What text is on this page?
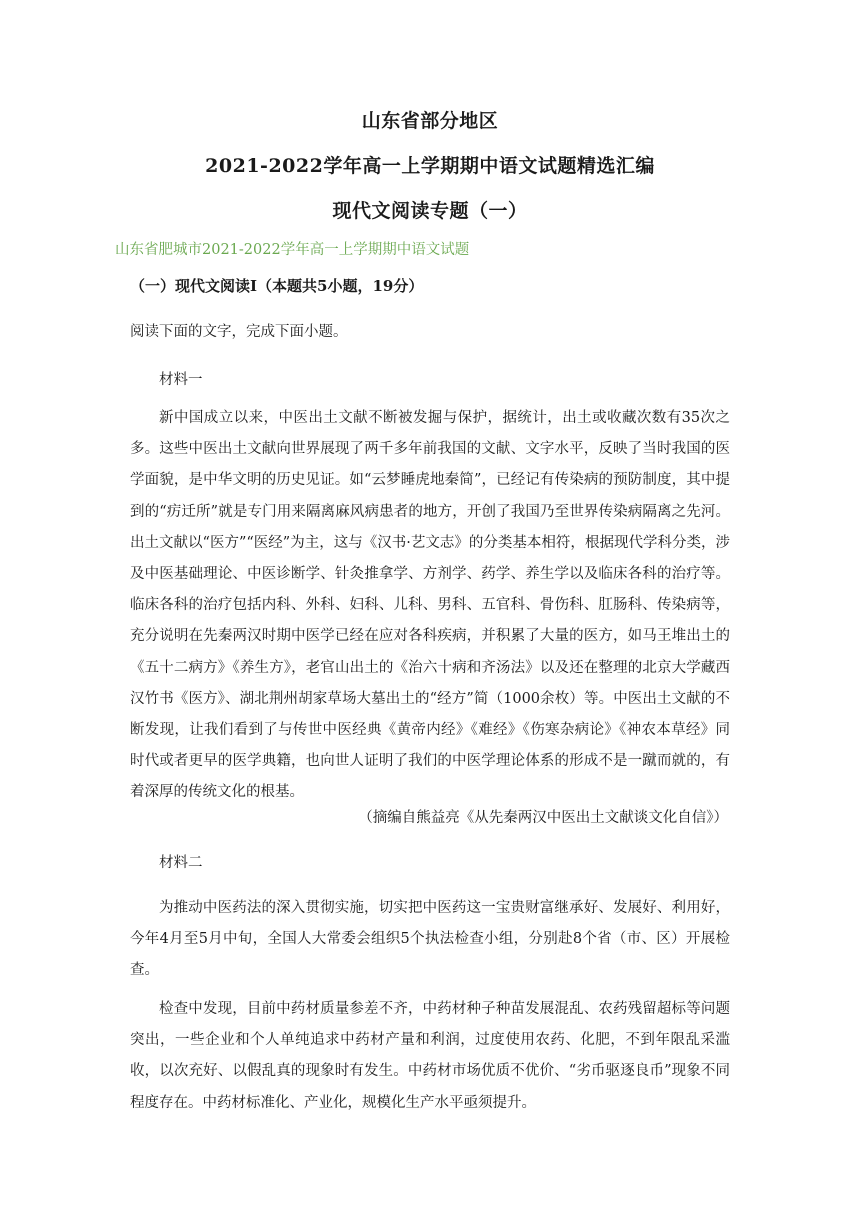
山东省部分地区
2021-2022学年高一上学期期中语文试题精选汇编
现代文阅读专题（一）
山东省肥城市2021-2022学年高一上学期期中语文试题
（一）现代文阅读Ⅰ（本题共5小题，19分）
阅读下面的文字，完成下面小题。
材料一

新中国成立以来，中医出土文献不断被发掘与保护，据统计，出土或收藏次数有35次之多。这些中医出土文献向世界展现了两千多年前我国的文献、文字水平，反映了当时我国的医学面貌，是中华文明的历史见证。如“云梦睡虎地秦简”，已经记有传染病的预防制度，其中提到的“疠迁所”就是专门用来隔离麻风病患者的地方，开创了我国乃至世界传染病隔离之先河。出土文献以“医方”“医经”为主，这与《汉书·艺文志》的分类基本相符，根据现代学科分类，涉及中医基础理论、中医诊断学、针灸推拿学、方剂学、药学、养生学以及临床各科的治疗等。临床各科的治疗包括内科、外科、妇科、儿科、男科、五官科、骨伤科、肛肠科、传染病等，充分说明在先秦两汉时期中医学已经在应对各科疾病，并积累了大量的医方，如马王堆出土的《五十二病方》《养生方》，老官山出土的《治六十病和齐汤法》以及还在整理的北京大学藏西汉竹书《医方》、湖北荆州胡家草场大墓出土的“经方”简（1000余枚）等。中医出土文献的不断发现，让我们看到了与传世中医经典《黄帝内经》《难经》《伤寒杂病论》《神农本草经》同时代或者更早的医学典籍，也向世人证明了我们的中医学理论体系的形成不是一蹴而就的，有着深厚的传统文化的根基。

（摘编自熊益亮《从先秦两汉中医出土文献谈文化自信》）
材料二

为推动中医药法的深入贯彻实施，切实把中医药这一宝贵财富继承好、发展好、利用好，今年4月至5月中旬，全国人大常委会组织5个执法检查小组，分别赴8个省（市、区）开展检查。

检查中发现，目前中药材质量参差不齐，中药材种子种苗发展混乱、农药残留超标等问题突出，一些企业和个人单纯追求中药材产量和利润，过度使用农药、化肥，不到年限乱采滥收，以次充好、以假乱真的现象时有发生。中药材市场优质不优价、“劣币驱逐良币”现象不同程度存在。中药材标准化、产业化，规模化生产水平亟须提升。
